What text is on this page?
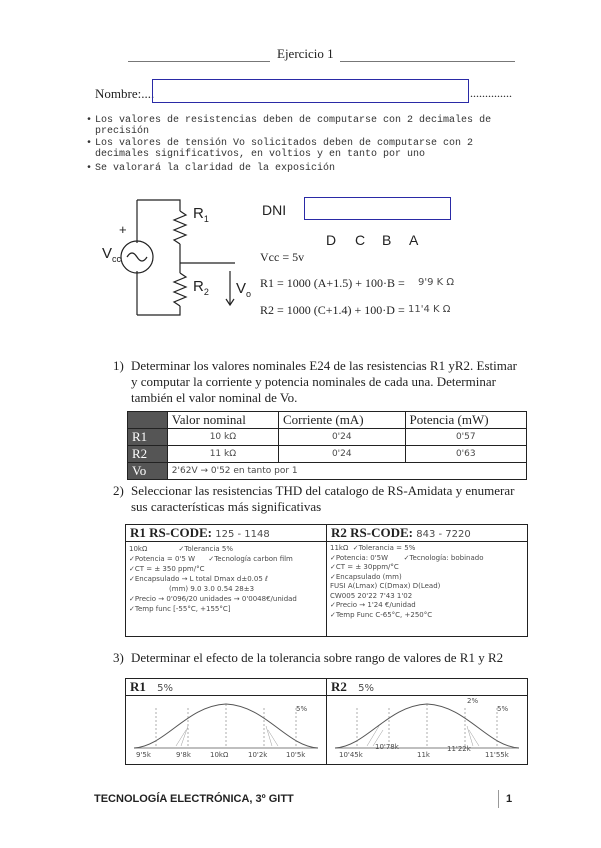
Ejercicio 1
Nombre:....	..............
• Los valores de resistencias deben de computarse con 2 decimales de precisión
• Los valores de tensión Vo solicitados deben de computarse con 2 decimales significativos, en voltios y en tanto por uno
• Se valorará la claridad de la exposición
$R_1$
$R_2$
$V_{cc}$
+
$V_o$
DNI
D C B A
Vcc = 5v
R1 = 1000 (A+1.5) + 100·B = 9'9 K Ω
R2 = 1000 (C+1.4) + 100·D = 11'4 K Ω
1) Determinar los valores nominales E24 de las resistencias R1 yR2. Estimar y computar la corriente y potencia nominales de cada una. Determinar también el valor nominal de Vo.
	Valor nominal	Corriente (mA)	Potencia (mW)
R1	10 kΩ	0'24	0'57
R2	11 kΩ	0'24	0'63
Vo	2'62V → 0'52 en tanto por 1		
2) Seleccionar las resistencias THD del catalogo de RS-Amidata y enumerar sus características más significativas
R1 RS-CODE: 125 - 1148
10kΩ	✓Tolerancia 5%
✓Potencia = 0'5 W ✓Tecnología carbon film
✓CT = ± 350 ppm/°C
✓Encapsulado → L total Dmax d±0.05 ℓ
(mm) 9.0 3.0 0.54 28±3
✓Precio → 0'096/20 unidades → 0'0048€/unidad
✓Temp func [-55°C, +155°C]
R2 RS-CODE: 843 - 7220
11kΩ ✓Tolerancia = 5%
✓Potencia: 0'5W ✓Tecnología: bobinado
✓CT = ± 30ppm/°C
✓Encapsulado (mm)
FUSI A(Lmax) C(Dmax) D(Lead)
CW005 20'22 7'43 1'02
✓Precio → 1'24 €/unidad
✓Temp Func C-65°C, +250°C
3) Determinar el efecto de la tolerancia sobre rango de valores de R1 y R2
R1 5%
5%
9'5k	9'8k	10kΩ	10'2k	10'5k
R2 5%
2%
5%
10'45k
10'78k
11k
11'22k
11'55k
TECNOLOGÍA ELECTRÓNICA, 3º GITT	1
